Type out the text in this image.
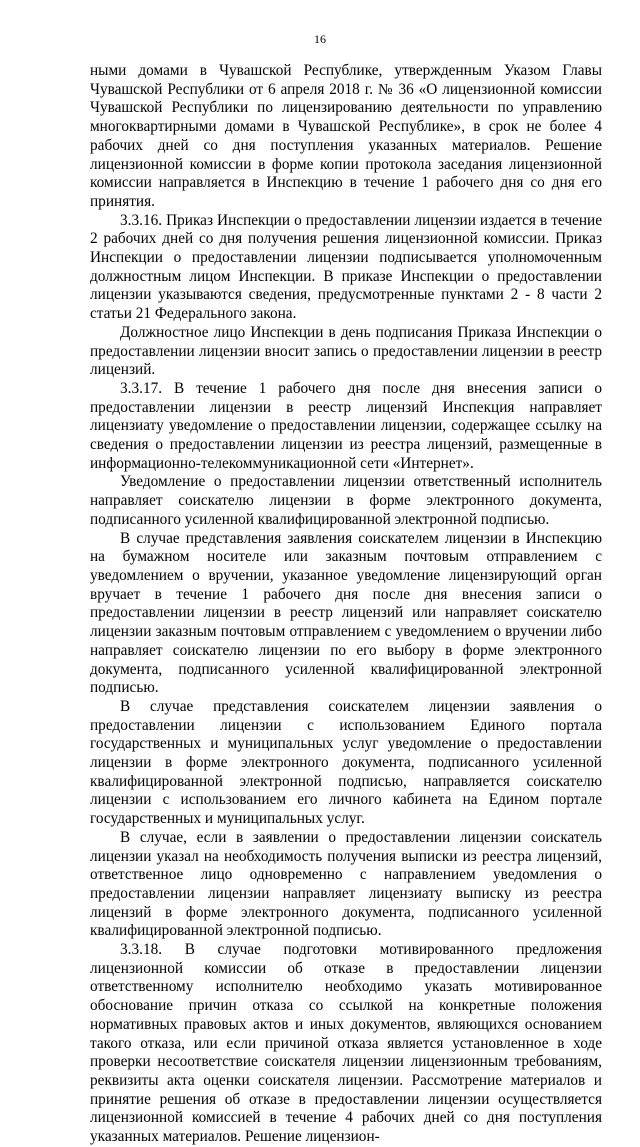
16

ными домами в Чувашской Республике, утвержденным Указом Главы Чувашской Республики от 6 апреля 2018 г. № 36 «О лицензионной комиссии Чувашской Республики по лицензированию деятельности по управлению многоквартирными домами в Чувашской Республике», в срок не более 4 рабочих дней со дня поступления указанных материалов. Решение лицензионной комиссии в форме копии протокола заседания лицензионной комиссии направляется в Инспекцию в течение 1 рабочего дня со дня его принятия.

3.3.16. Приказ Инспекции о предоставлении лицензии издается в течение 2 рабочих дней со дня получения решения лицензионной комиссии. Приказ Инспекции о предоставлении лицензии подписывается уполномоченным должностным лицом Инспекции. В приказе Инспекции о предоставлении лицензии указываются сведения, предусмотренные пунктами 2 - 8 части 2 статьи 21 Федерального закона.

Должностное лицо Инспекции в день подписания Приказа Инспекции о предоставлении лицензии вносит запись о предоставлении лицензии в реестр лицензий.

3.3.17. В течение 1 рабочего дня после дня внесения записи о предоставлении лицензии в реестр лицензий Инспекция направляет лицензиату уведомление о предоставлении лицензии, содержащее ссылку на сведения о предоставлении лицензии из реестра лицензий, размещенные в информационно-телекоммуникационной сети «Интернет».

Уведомление о предоставлении лицензии ответственный исполнитель направляет соискателю лицензии в форме электронного документа, подписанного усиленной квалифицированной электронной подписью.

В случае представления заявления соискателем лицензии в Инспекцию на бумажном носителе или заказным почтовым отправлением с уведомлением о вручении, указанное уведомление лицензирующий орган вручает в течение 1 рабочего дня после дня внесения записи о предоставлении лицензии в реестр лицензий или направляет соискателю лицензии заказным почтовым отправлением с уведомлением о вручении либо направляет соискателю лицензии по его выбору в форме электронного документа, подписанного усиленной квалифицированной электронной подписью.

В случае представления соискателем лицензии заявления о предоставлении лицензии с использованием Единого портала государственных и муниципальных услуг уведомление о предоставлении лицензии в форме электронного документа, подписанного усиленной квалифицированной электронной подписью, направляется соискателю лицензии с использованием его личного кабинета на Едином портале государственных и муниципальных услуг.

В случае, если в заявлении о предоставлении лицензии соискатель лицензии указал на необходимость получения выписки из реестра лицензий, ответственное лицо одновременно с направлением уведомления о предоставлении лицензии направляет лицензиату выписку из реестра лицензий в форме электронного документа, подписанного усиленной квалифицированной электронной подписью.

3.3.18. В случае подготовки мотивированного предложения лицензионной комиссии об отказе в предоставлении лицензии ответственному исполнителю необходимо указать мотивированное обоснование причин отказа со ссылкой на конкретные положения нормативных правовых актов и иных документов, являющихся основанием такого отказа, или если причиной отказа является установленное в ходе проверки несоответствие соискателя лицензии лицензионным требованиям, реквизиты акта оценки соискателя лицензии. Рассмотрение материалов и принятие решения об отказе в предоставлении лицензии осуществляется лицензионной комиссией в течение 4 рабочих дней со дня поступления указанных материалов. Решение лицензион-
